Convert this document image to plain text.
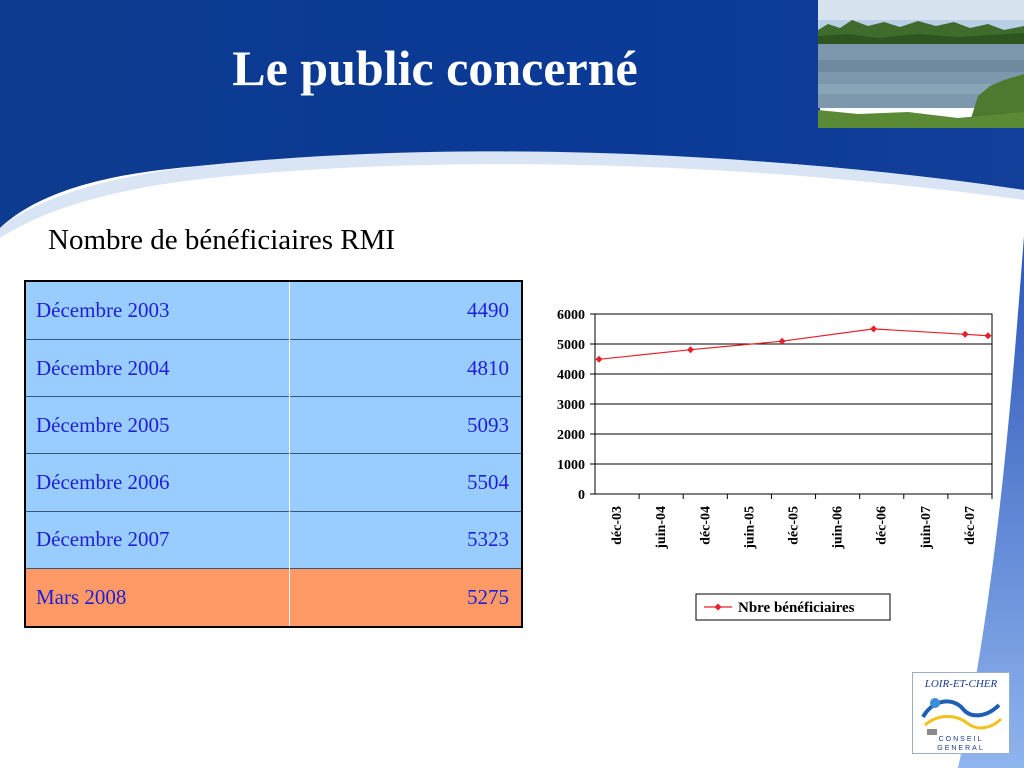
Le public concerné
Nombre de bénéficiaires RMI
Décembre 2003	4490
Décembre 2004	4810
Décembre 2005	5093
Décembre 2006	5504
Décembre 2007	5323
Mars 2008	5275
0
1000
2000
3000
4000
5000
6000
déc-03 juin-04 déc-04 juin-05 déc-05 juin-06 déc-06 juin-07 déc-07
Nbre bénéficiaires
LOIR-ET-CHER
CONSEIL
GENERAL
